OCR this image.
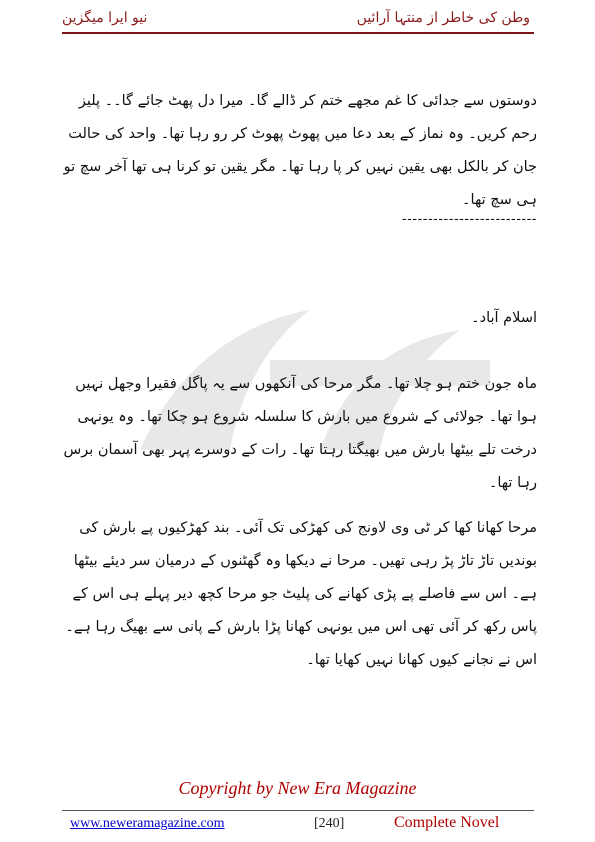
نیو ایرا میگزین	وطن کی خاطر از منتہا آرائیں
دوستوں سے جدائی کا غم مجھے ختم کر ڈالے گا۔ میرا دل پھٹ جائے گا۔۔ پلیز رحم کریں۔ وہ نماز کے بعد دعا میں پھوٹ پھوٹ کر رو رہا تھا۔ واحد کی حالت جان کر بالکل بھی یقین نہیں کر پا رہا تھا۔ مگر یقین تو کرنا ہی تھا آخر سچ تو ہی سچ تھا۔
--------------------------
اسلام آباد۔
ماہ جون ختم ہو چلا تھا۔ مگر مرحا کی آنکھوں سے یہ پاگل فقیرا وجھل نہیں ہوا تھا۔ جولائی کے شروع میں بارش کا سلسلہ شروع ہو چکا تھا۔ وہ یونہی درخت تلے بیٹھا بارش میں بھیگتا رہتا تھا۔ رات کے دوسرے پہر بھی آسمان برس رہا تھا۔
مرحا کھانا کھا کر ٹی وی لاونج کی کھڑکی تک آئی۔ بند کھڑکیوں پے بارش کی بوندیں تاڑ تاڑ پڑ رہی تھیں۔ مرحا نے دیکھا وہ گھٹنوں کے درمیان سر دیئے بیٹھا ہے۔ اس سے فاصلے پے پڑی کھانے کی پلیٹ جو مرحا کچھ دیر پہلے ہی اس کے پاس رکھ کر آئی تھی اس میں یونہی کھانا پڑا بارش کے پانی سے بھیگ رہا ہے۔ اس نے نجانے کیوں کھانا نہیں کھایا تھا۔
Copyright by New Era Magazine
www.neweramagazine.com	[240]	Complete Novel
